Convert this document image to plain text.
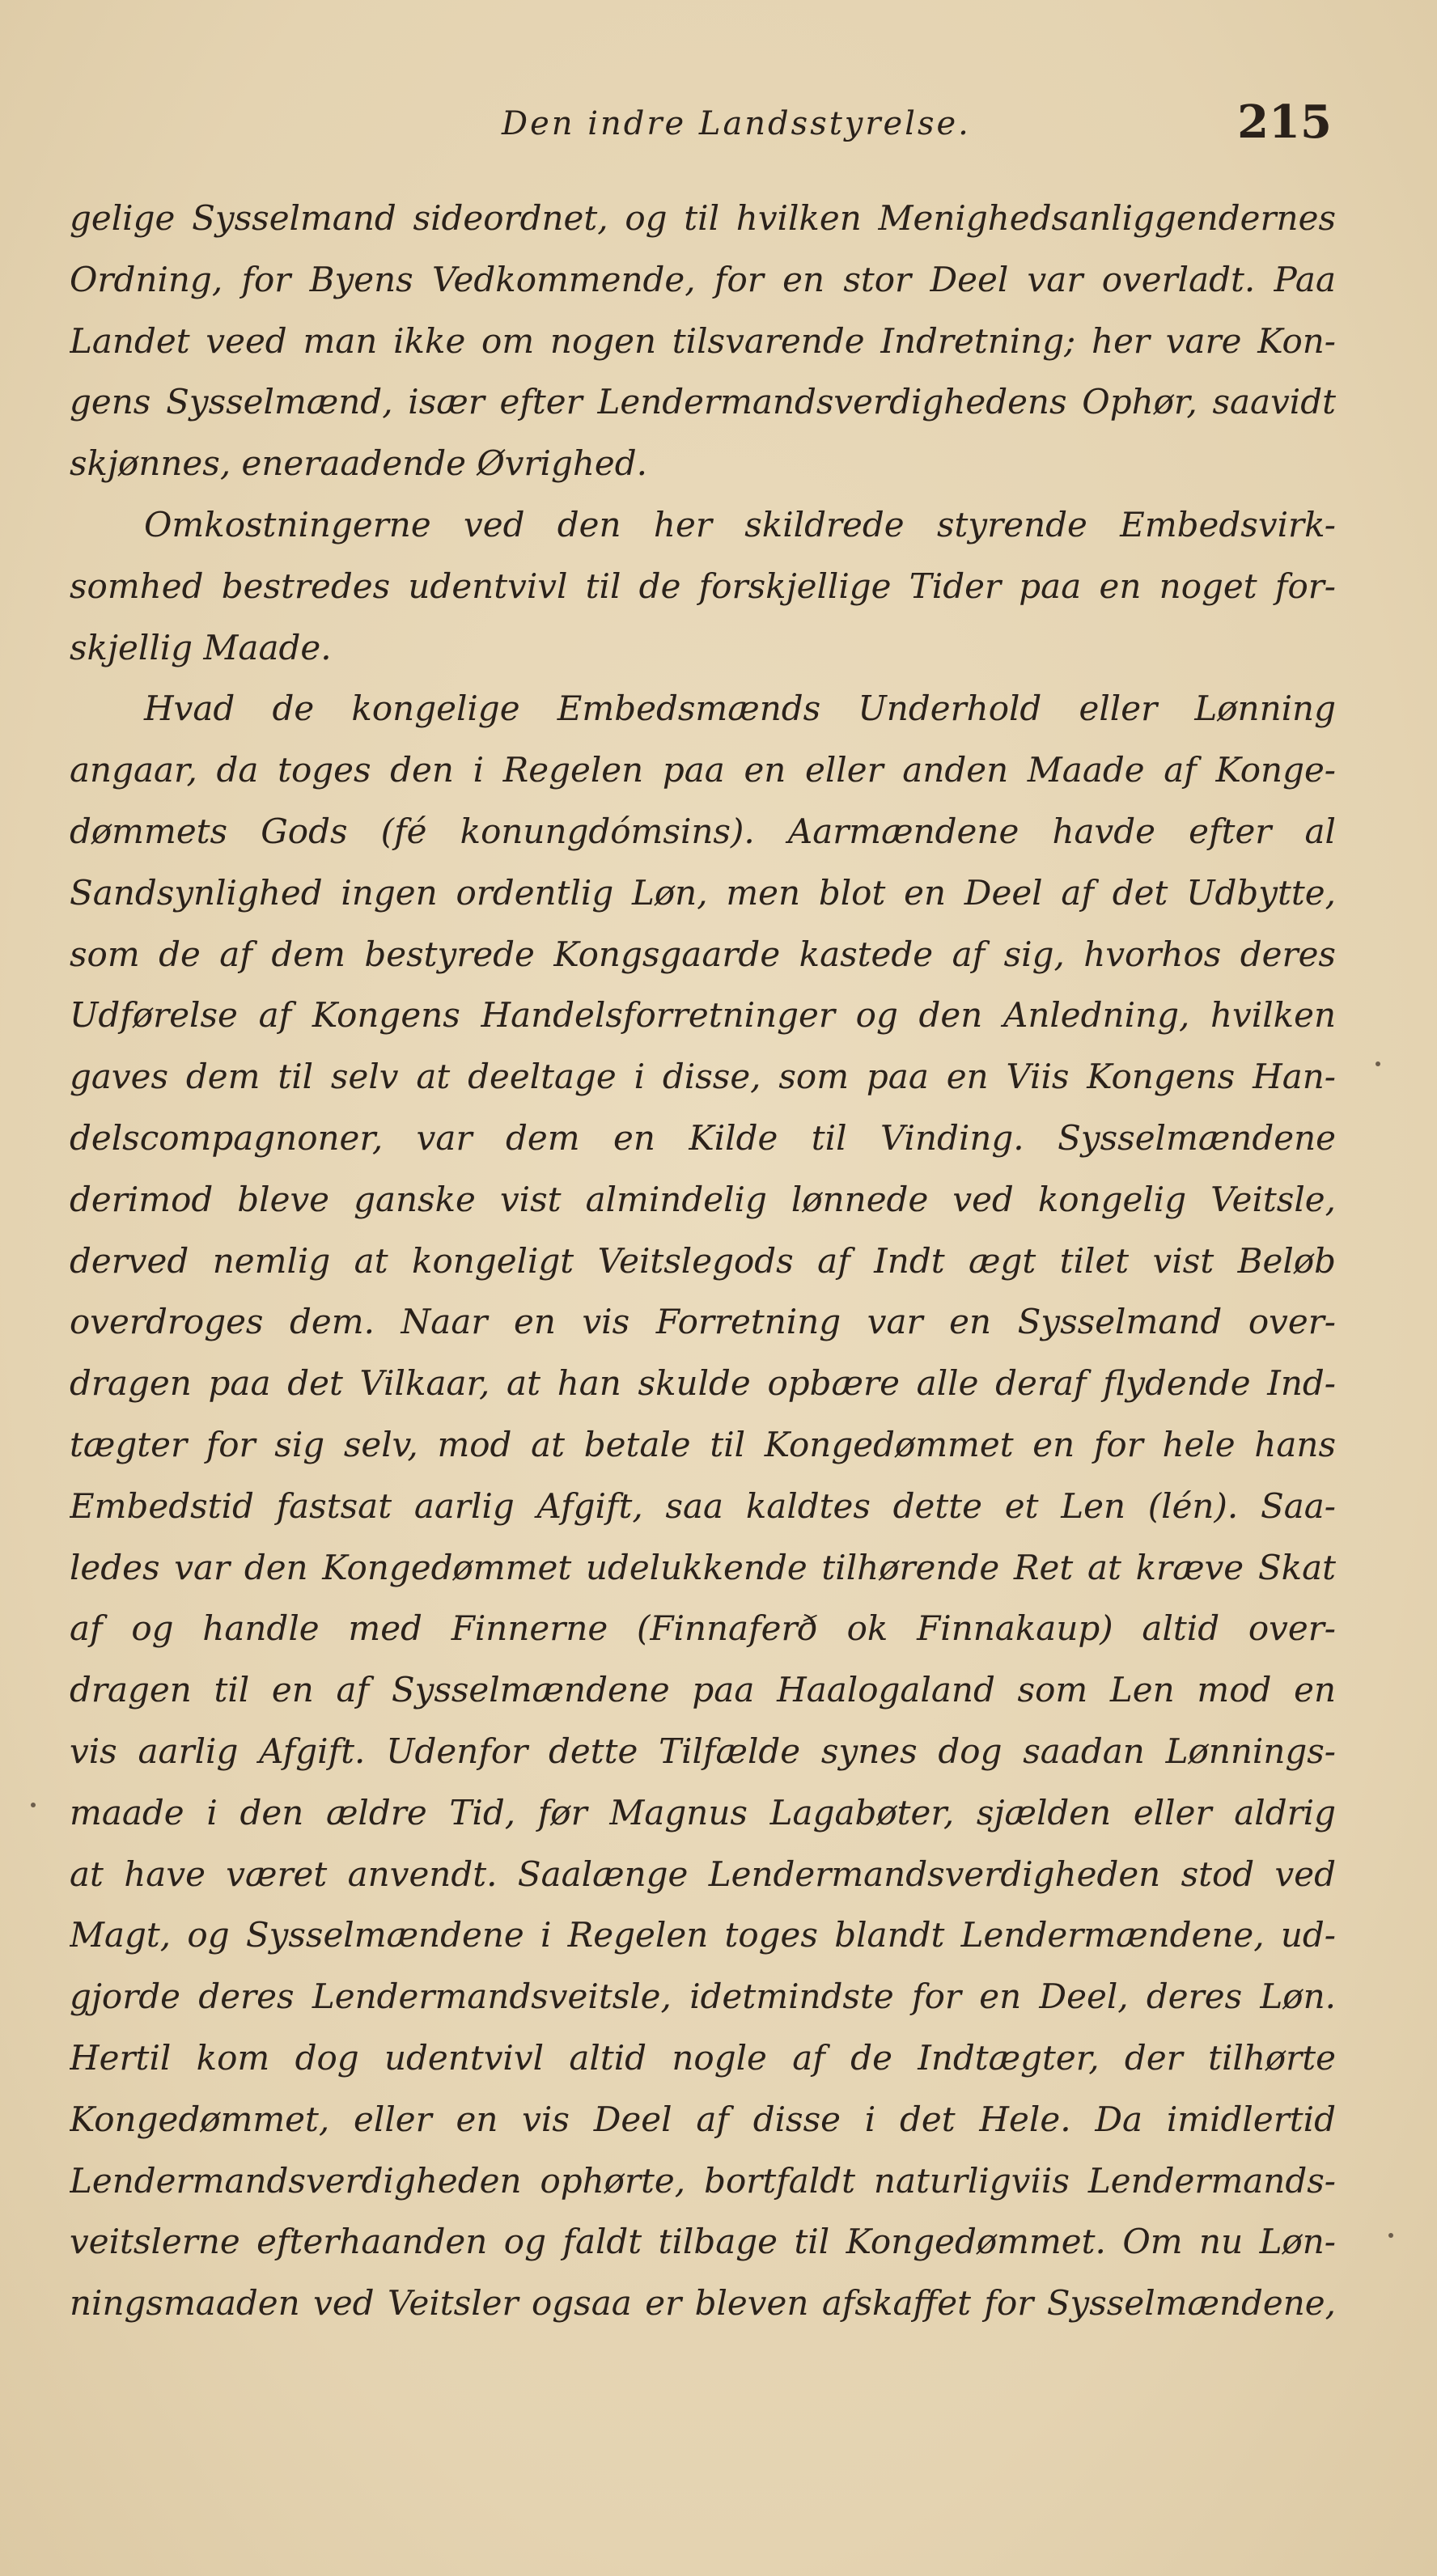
Den indre Landsstyrelse.	215
gelige Sysselmand sideordnet, og til hvilken Menighedsanliggendernes
Ordning, for Byens Vedkommende, for en stor Deel var overladt. Paa
Landet veed man ikke om nogen tilsvarende Indretning; her vare Kon-
gens Sysselmænd, især efter Lendermandsverdighedens Ophør, saavidt
skjønnes, eneraadende Øvrighed.
Omkostningerne ved den her skildrede styrende Embedsvirk-
somhed bestredes udentvivl til de forskjellige Tider paa en noget for-
skjellig Maade.
Hvad de kongelige Embedsmænds Underhold eller Lønning
angaar, da toges den i Regelen paa en eller anden Maade af Konge-
dømmets Gods (fé konungdómsins). Aarmændene havde efter al
Sandsynlighed ingen ordentlig Løn, men blot en Deel af det Udbytte,
som de af dem bestyrede Kongsgaarde kastede af sig, hvorhos deres
Udførelse af Kongens Handelsforretninger og den Anledning, hvilken
gaves dem til selv at deeltage i disse, som paa en Viis Kongens Han-
delscompagnoner, var dem en Kilde til Vinding. Sysselmændene
derimod bleve ganske vist almindelig lønnede ved kongelig Veitsle,
derved nemlig at kongeligt Veitslegods af Indt ægt tilet vist Beløb
overdroges dem. Naar en vis Forretning var en Sysselmand over-
dragen paa det Vilkaar, at han skulde opbære alle deraf flydende Ind-
tægter for sig selv, mod at betale til Kongedømmet en for hele hans
Embedstid fastsat aarlig Afgift, saa kaldtes dette et Len (lén). Saa-
ledes var den Kongedømmet udelukkende tilhørende Ret at kræve Skat
af og handle med Finnerne (Finnaferð ok Finnakaup) altid over-
dragen til en af Sysselmændene paa Haalogaland som Len mod en
vis aarlig Afgift. Udenfor dette Tilfælde synes dog saadan Lønnings-
maade i den ældre Tid, før Magnus Lagabøter, sjælden eller aldrig
at have været anvendt. Saalænge Lendermandsverdigheden stod ved
Magt, og Sysselmændene i Regelen toges blandt Lendermændene, ud-
gjorde deres Lendermandsveitsle, idetmindste for en Deel, deres Løn.
Hertil kom dog udentvivl altid nogle af de Indtægter, der tilhørte
Kongedømmet, eller en vis Deel af disse i det Hele. Da imidlertid
Lendermandsverdigheden ophørte, bortfaldt naturligviis Lendermands-
veitslerne efterhaanden og faldt tilbage til Kongedømmet. Om nu Løn-
ningsmaaden ved Veitsler ogsaa er bleven afskaffet for Sysselmændene,
